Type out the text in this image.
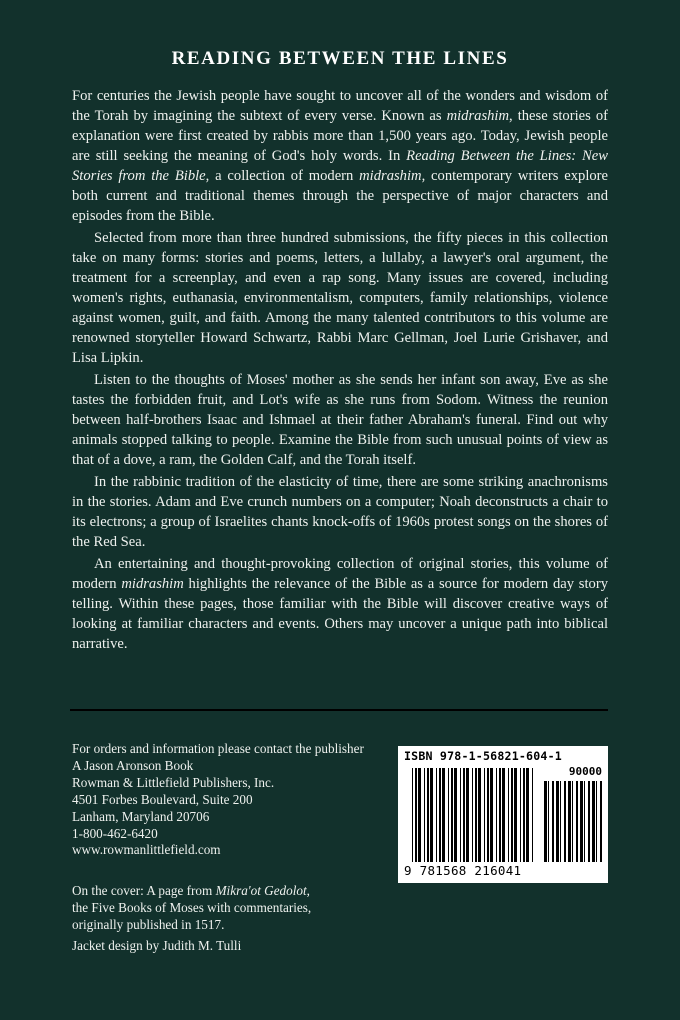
READING BETWEEN THE LINES

For centuries the Jewish people have sought to uncover all of the wonders and wisdom of the Torah by imagining the subtext of every verse. Known as midrashim, these stories of explanation were first created by rabbis more than 1,500 years ago. Today, Jewish people are still seeking the meaning of God's holy words. In Reading Between the Lines: New Stories from the Bible, a collection of modern midrashim, contemporary writers explore both current and traditional themes through the perspective of major characters and episodes from the Bible.

Selected from more than three hundred submissions, the fifty pieces in this collection take on many forms: stories and poems, letters, a lullaby, a lawyer's oral argument, the treatment for a screenplay, and even a rap song. Many issues are covered, including women's rights, euthanasia, environmentalism, computers, family relationships, violence against women, guilt, and faith. Among the many talented contributors to this volume are renowned storyteller Howard Schwartz, Rabbi Marc Gellman, Joel Lurie Grishaver, and Lisa Lipkin.

Listen to the thoughts of Moses' mother as she sends her infant son away, Eve as she tastes the forbidden fruit, and Lot's wife as she runs from Sodom. Witness the reunion between half-brothers Isaac and Ishmael at their father Abraham's funeral. Find out why animals stopped talking to people. Examine the Bible from such unusual points of view as that of a dove, a ram, the Golden Calf, and the Torah itself.

In the rabbinic tradition of the elasticity of time, there are some striking anachronisms in the stories. Adam and Eve crunch numbers on a computer; Noah deconstructs a chair to its electrons; a group of Israelites chants knock-offs of 1960s protest songs on the shores of the Red Sea.

An entertaining and thought-provoking collection of original stories, this volume of modern midrashim highlights the relevance of the Bible as a source for modern day story telling. Within these pages, those familiar with the Bible will discover creative ways of looking at familiar characters and events. Others may uncover a unique path into biblical narrative.

For orders and information please contact the publisher
A Jason Aronson Book
Rowman & Littlefield Publishers, Inc.
4501 Forbes Boulevard, Suite 200
Lanham, Maryland 20706
1-800-462-6420
www.rowmanlittlefield.com
On the cover: A page from Mikra'ot Gedolot,
the Five Books of Moses with commentaries,
originally published in 1517.
Jacket design by Judith M. Tulli
ISBN 978-1-56821-604-1
90000
9 781568 216041
